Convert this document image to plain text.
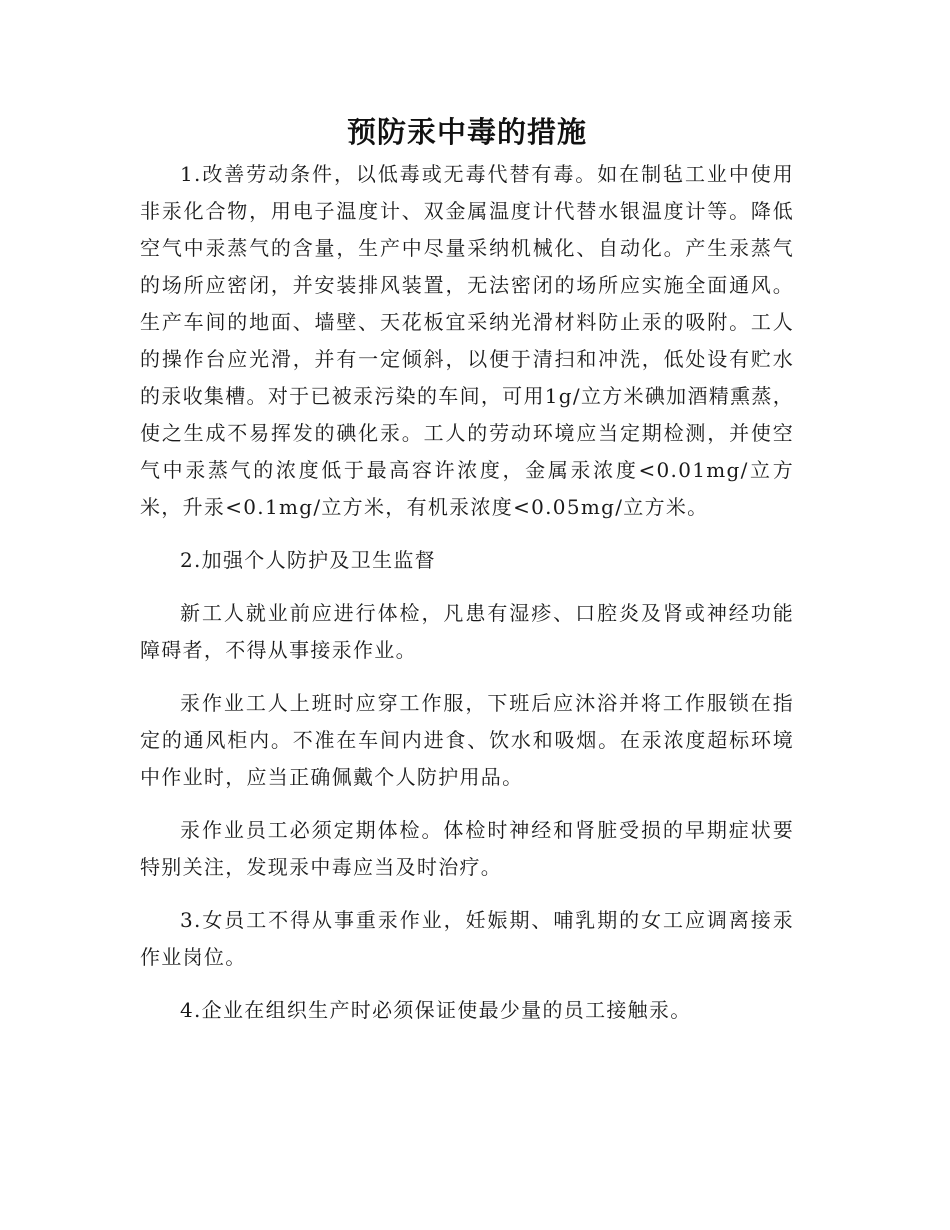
预防汞中毒的措施

1.改善劳动条件，以低毒或无毒代替有毒。如在制毡工业中使用非汞化合物，用电子温度计、双金属温度计代替水银温度计等。降低空气中汞蒸气的含量，生产中尽量采纳机械化、自动化。产生汞蒸气的场所应密闭，并安装排风装置，无法密闭的场所应实施全面通风。生产车间的地面、墙壁、天花板宜采纳光滑材料防止汞的吸附。工人的操作台应光滑，并有一定倾斜，以便于清扫和冲洗，低处设有贮水的汞收集槽。对于已被汞污染的车间，可用1g/立方米碘加酒精熏蒸，使之生成不易挥发的碘化汞。工人的劳动环境应当定期检测，并使空气中汞蒸气的浓度低于最高容许浓度，金属汞浓度<0.01mg/立方米，升汞<0.1mg/立方米，有机汞浓度<0.05mg/立方米。

2.加强个人防护及卫生监督

新工人就业前应进行体检，凡患有湿疹、口腔炎及肾或神经功能障碍者，不得从事接汞作业。

汞作业工人上班时应穿工作服，下班后应沐浴并将工作服锁在指定的通风柜内。不准在车间内进食、饮水和吸烟。在汞浓度超标环境中作业时，应当正确佩戴个人防护用品。

汞作业员工必须定期体检。体检时神经和肾脏受损的早期症状要特别关注，发现汞中毒应当及时治疗。

3.女员工不得从事重汞作业，妊娠期、哺乳期的女工应调离接汞作业岗位。

4.企业在组织生产时必须保证使最少量的员工接触汞。
